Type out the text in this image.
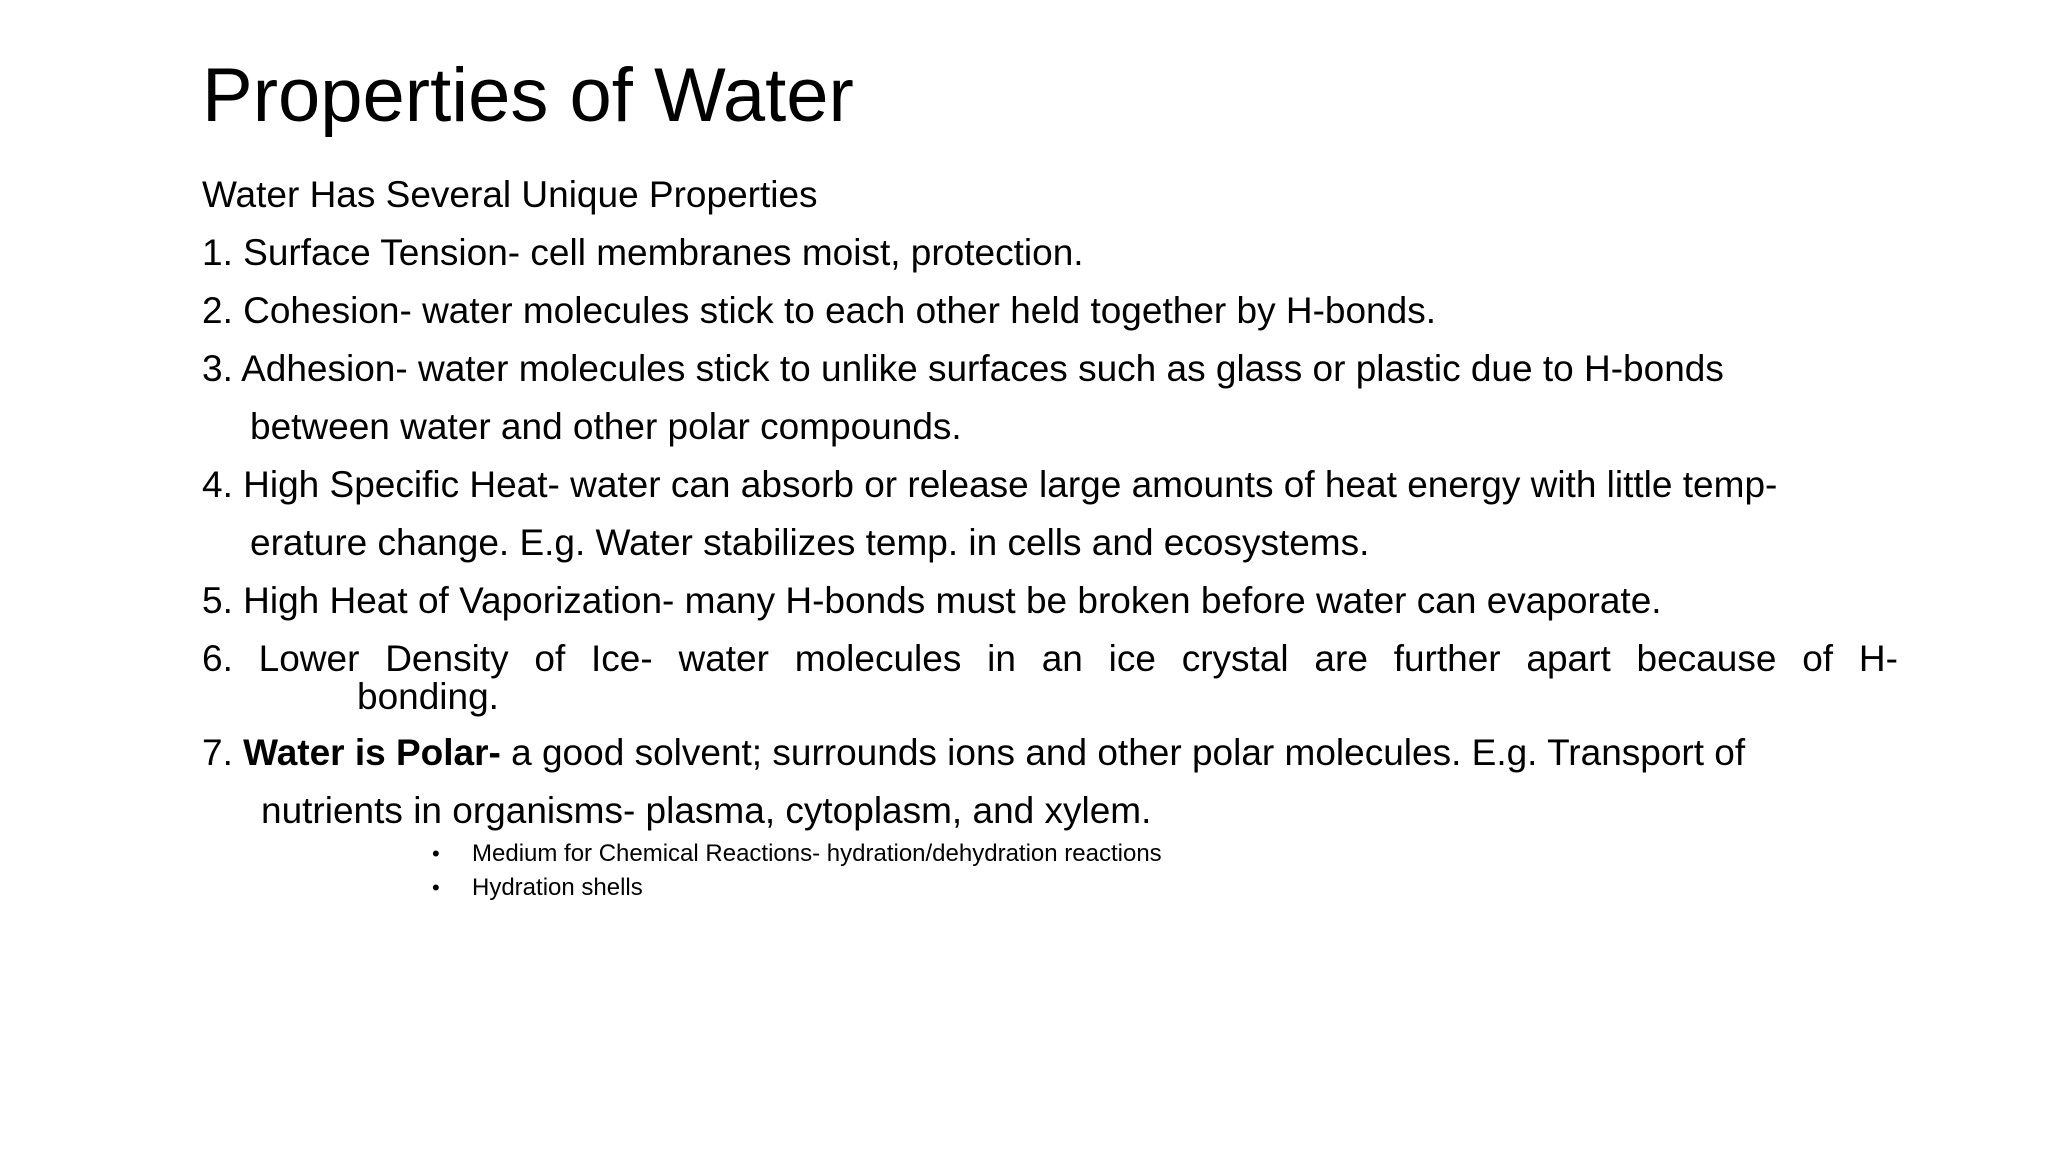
Properties of Water
Water Has Several Unique Properties
1. Surface Tension- cell membranes moist, protection.
2. Cohesion- water molecules stick to each other held together by H-bonds.
3. Adhesion- water molecules stick to unlike surfaces such as glass or plastic due to H-bonds
between water and other polar compounds.
4. High Specific Heat- water can absorb or release large amounts of heat energy with little temp-
erature change. E.g. Water stabilizes temp. in cells and ecosystems.
5. High Heat of Vaporization- many H-bonds must be broken before water can evaporate.
6. Lower Density of Ice- water molecules in an ice crystal are further apart because of H-
bonding.
7. Water is Polar- a good solvent; surrounds ions and other polar molecules. E.g. Transport of
nutrients in organisms- plasma, cytoplasm, and xylem.
•	Medium for Chemical Reactions- hydration/dehydration reactions
•	Hydration shells
